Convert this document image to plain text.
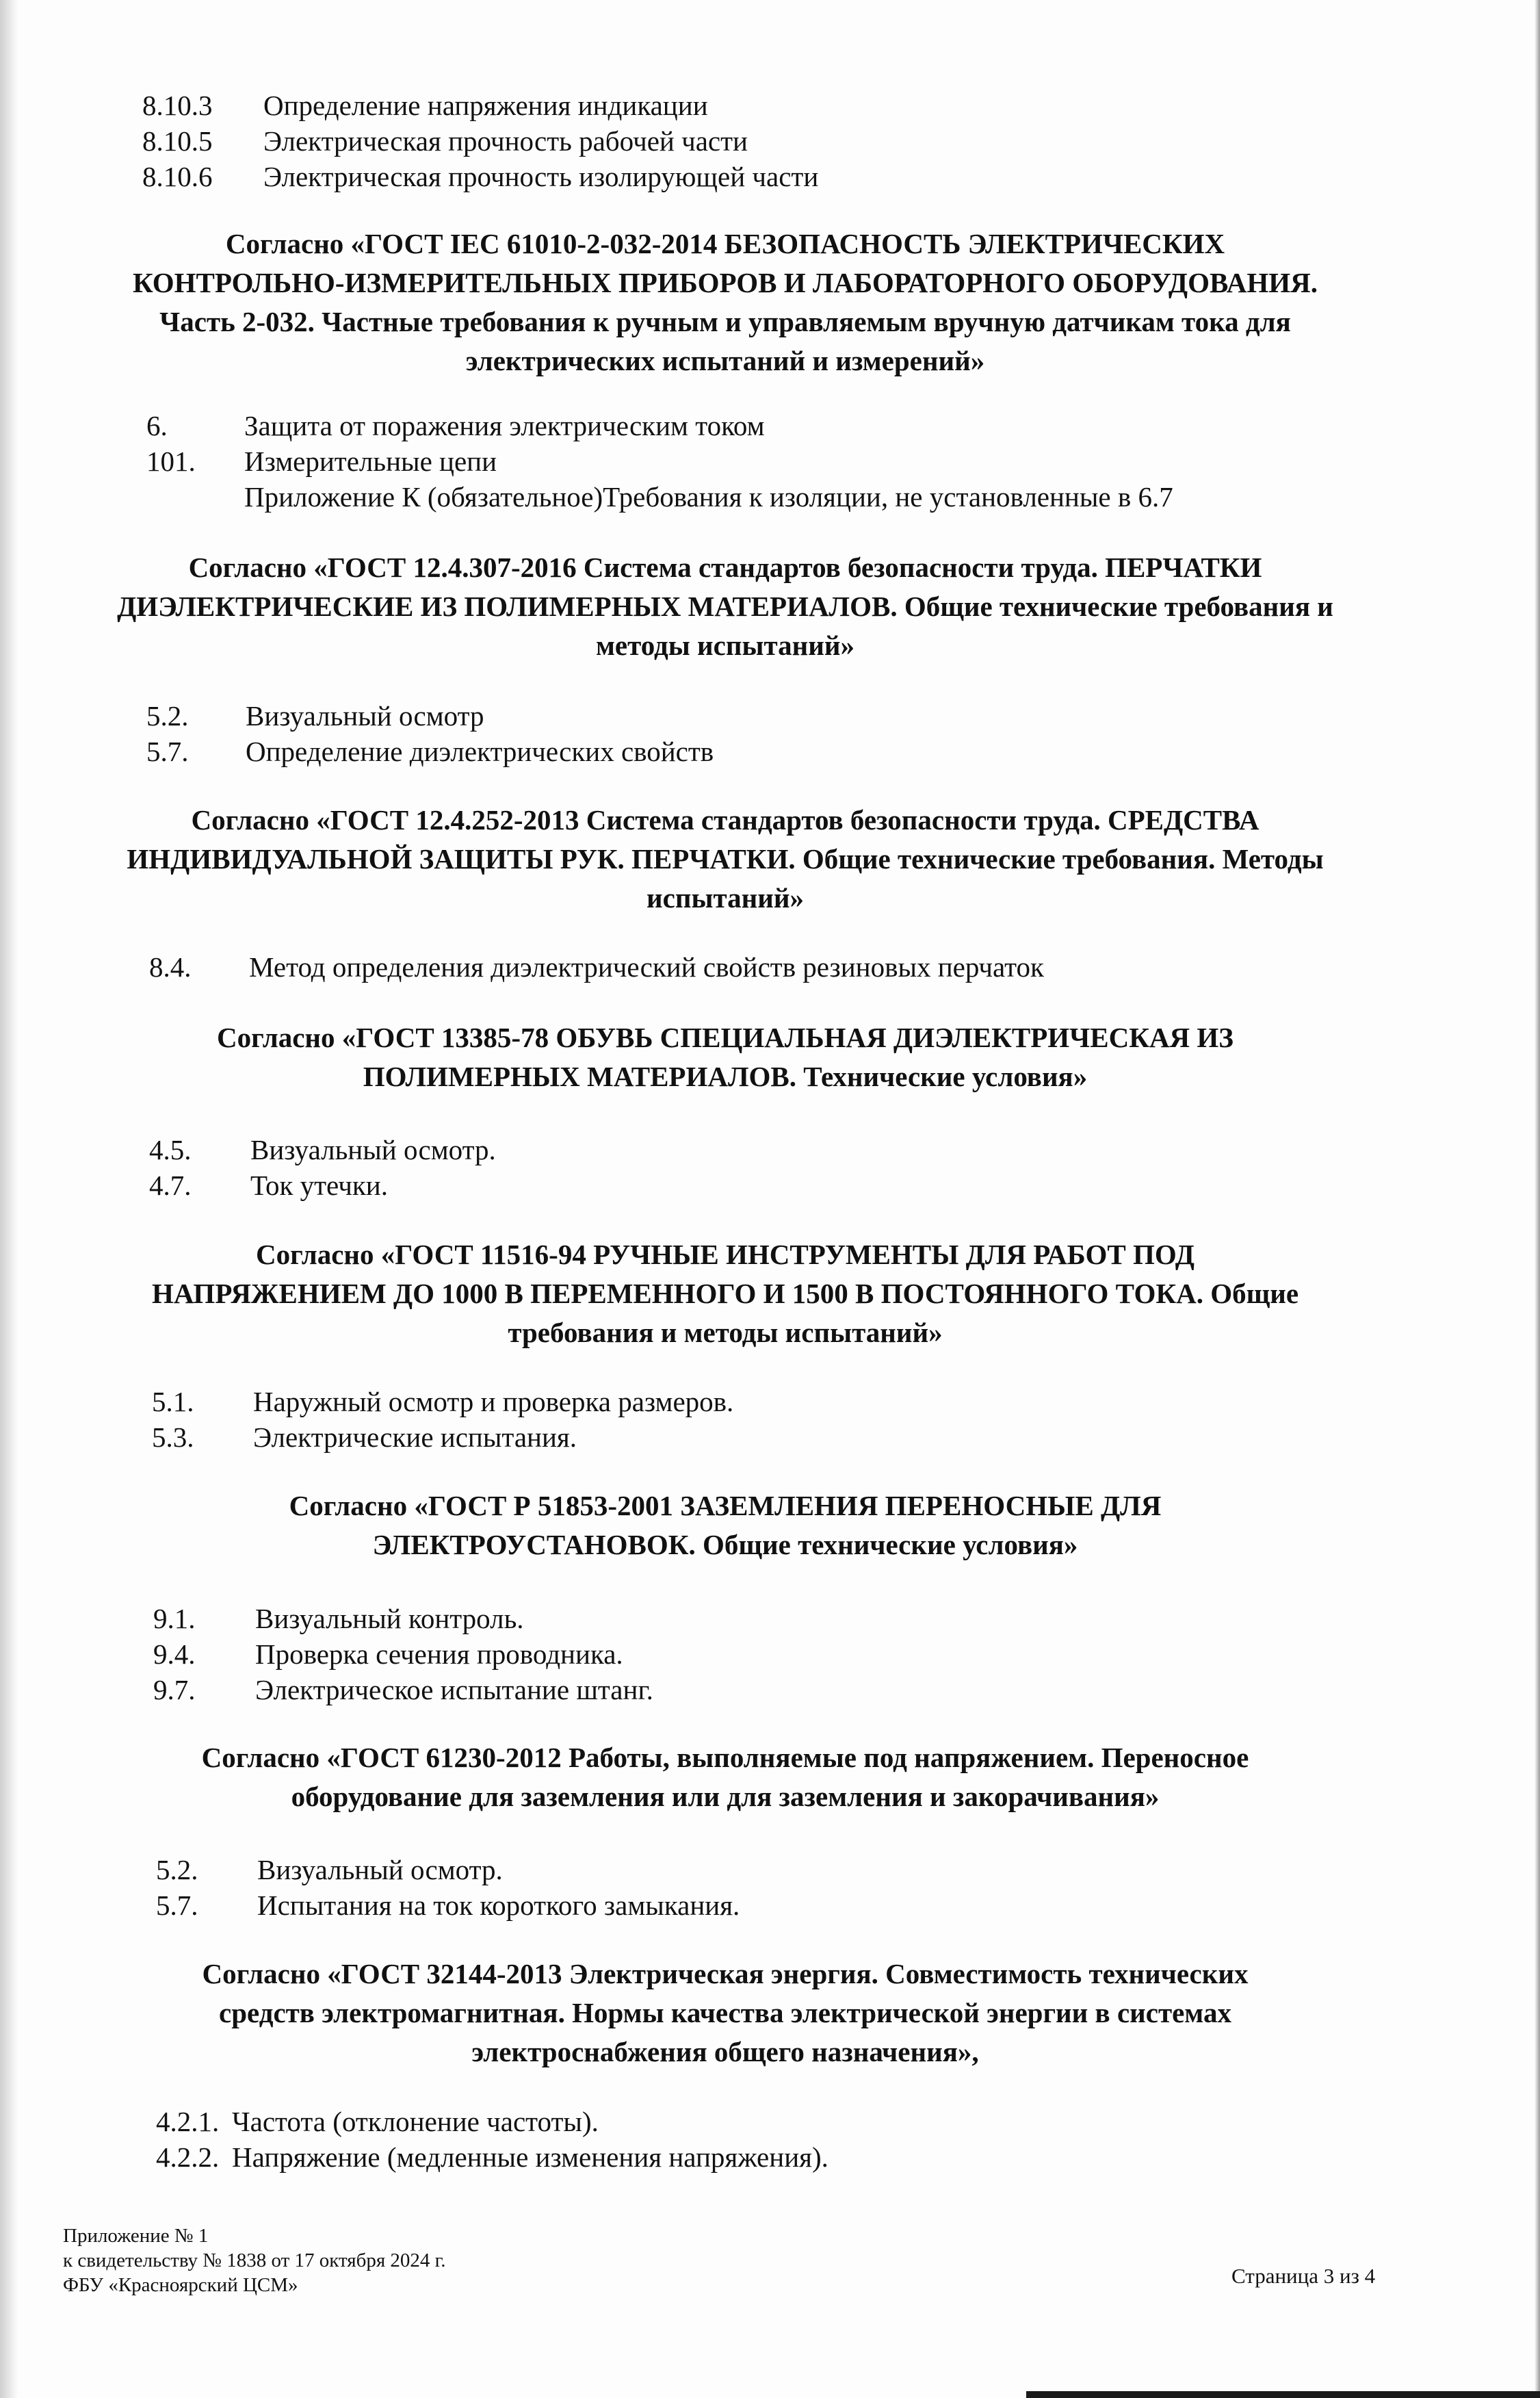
8.10.3 Определение напряжения индикации
8.10.5 Электрическая прочность рабочей части
8.10.6 Электрическая прочность изолирующей части
Согласно «ГОСТ IEC 61010-2-032-2014 БЕЗОПАСНОСТЬ ЭЛЕКТРИЧЕСКИХ
КОНТРОЛЬНО-ИЗМЕРИТЕЛЬНЫХ ПРИБОРОВ И ЛАБОРАТОРНОГО ОБОРУДОВАНИЯ.
Часть 2-032. Частные требования к ручным и управляемым вручную датчикам тока для
электрических испытаний и измерений»
6.	Защита от поражения электрическим током
101. Измерительные цепи
Приложение К (обязательное)Требования к изоляции, не установленные в 6.7
Согласно «ГОСТ 12.4.307-2016 Система стандартов безопасности труда. ПЕРЧАТКИ
ДИЭЛЕКТРИЧЕСКИЕ ИЗ ПОЛИМЕРНЫХ МАТЕРИАЛОВ. Общие технические требования и
методы испытаний»
5.2. Визуальный осмотр
5.7. Определение диэлектрических свойств
Согласно «ГОСТ 12.4.252-2013 Система стандартов безопасности труда. СРЕДСТВА
ИНДИВИДУАЛЬНОЙ ЗАЩИТЫ РУК. ПЕРЧАТКИ. Общие технические требования. Методы
испытаний»
8.4. Метод определения диэлектрический свойств резиновых перчаток
Согласно «ГОСТ 13385-78 ОБУВЬ СПЕЦИАЛЬНАЯ ДИЭЛЕКТРИЧЕСКАЯ ИЗ
ПОЛИМЕРНЫХ МАТЕРИАЛОВ. Технические условия»
4.5. Визуальный осмотр.
4.7. Ток утечки.
Согласно «ГОСТ 11516-94 РУЧНЫЕ ИНСТРУМЕНТЫ ДЛЯ РАБОТ ПОД
НАПРЯЖЕНИЕМ ДО 1000 В ПЕРЕМЕННОГО И 1500 В ПОСТОЯННОГО ТОКА. Общие
требования и методы испытаний»
5.1. Наружный осмотр и проверка размеров.
5.3. Электрические испытания.
Согласно «ГОСТ Р 51853-2001 ЗАЗЕМЛЕНИЯ ПЕРЕНОСНЫЕ ДЛЯ
ЭЛЕКТРОУСТАНОВОК. Общие технические условия»
9.1. Визуальный контроль.
9.4. Проверка сечения проводника.
9.7. Электрическое испытание штанг.
Согласно «ГОСТ 61230-2012 Работы, выполняемые под напряжением. Переносное
оборудование для заземления или для заземления и закорачивания»
5.2. Визуальный осмотр.
5.7. Испытания на ток короткого замыкания.
Согласно «ГОСТ 32144-2013 Электрическая энергия. Совместимость технических
средств электромагнитная. Нормы качества электрической энергии в системах
электроснабжения общего назначения»,
4.2.1. Частота (отклонение частоты).
4.2.2. Напряжение (медленные изменения напряжения).
Приложение № 1
к свидетельству № 1838 от 17 октября 2024 г.
ФБУ «Красноярский ЦСМ»	Страница 3 из 4
